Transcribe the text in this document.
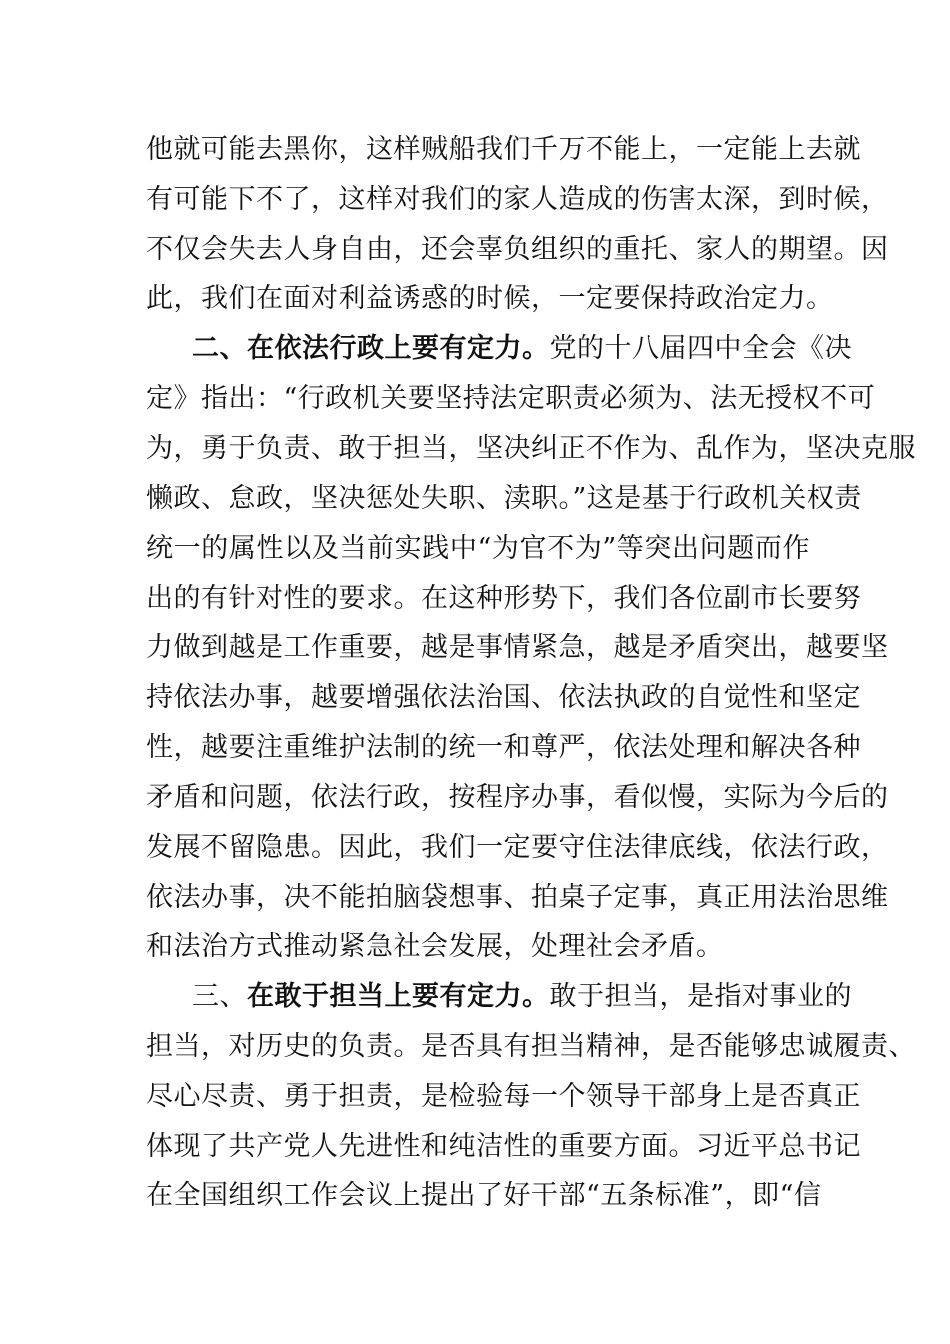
他就可能去黑你，这样贼船我们千万不能上，一定能上去就
有可能下不了，这样对我们的家人造成的伤害太深，到时候，
不仅会失去人身自由，还会辜负组织的重托、家人的期望。因
此，我们在面对利益诱惑的时候，一定要保持政治定力。
二、在依法行政上要有定力。党的十八届四中全会《决
定》指出：“行政机关要坚持法定职责必须为、法无授权不可
为，勇于负责、敢于担当，坚决纠正不作为、乱作为，坚决克服
懒政、怠政，坚决惩处失职、渎职。”这是基于行政机关权责
统一的属性以及当前实践中“为官不为”等突出问题而作
出的有针对性的要求。在这种形势下，我们各位副市长要努
力做到越是工作重要，越是事情紧急，越是矛盾突出，越要坚
持依法办事，越要增强依法治国、依法执政的自觉性和坚定
性，越要注重维护法制的统一和尊严，依法处理和解决各种
矛盾和问题，依法行政，按程序办事，看似慢，实际为今后的
发展不留隐患。因此，我们一定要守住法律底线，依法行政，
依法办事，决不能拍脑袋想事、拍桌子定事，真正用法治思维
和法治方式推动紧急社会发展，处理社会矛盾。
三、在敢于担当上要有定力。敢于担当，是指对事业的
担当，对历史的负责。是否具有担当精神，是否能够忠诚履责、
尽心尽责、勇于担责，是检验每一个领导干部身上是否真正
体现了共产党人先进性和纯洁性的重要方面。习近平总书记
在全国组织工作会议上提出了好干部“五条标准”，即“信
